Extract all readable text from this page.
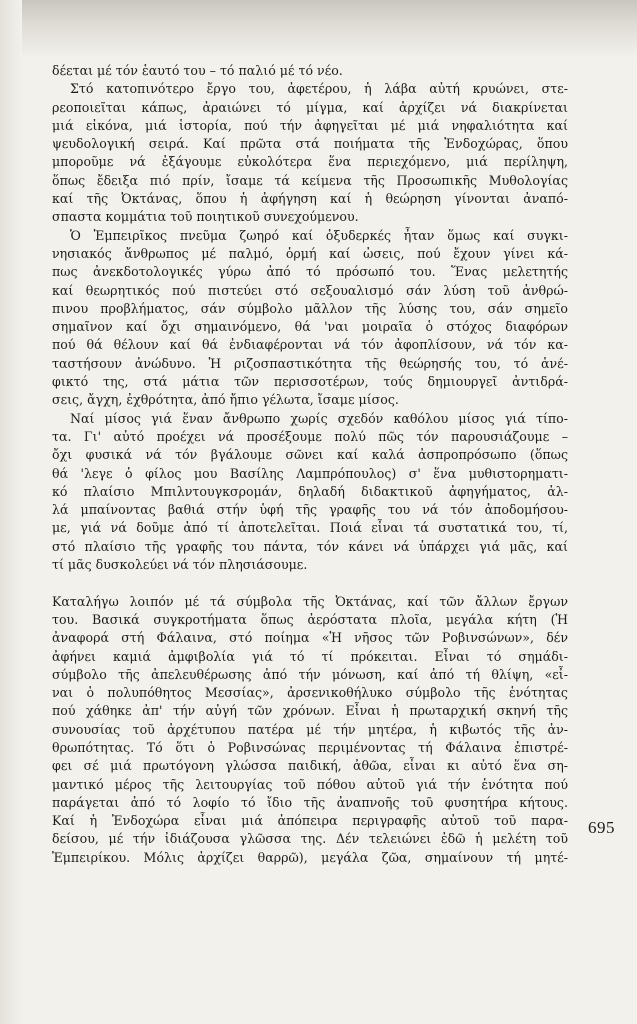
δέεται μέ τόν ἑαυτό του – τό παλιό μέ τό νέο.
Στό κατοπινότερο ἔργο του, ἀφετέρου, ἡ λάβα αὐτή κρυώνει, στε-
ρεοποιεῖται κάπως, ἀραιώνει τό μίγμα, καί ἀρχίζει νά διακρίνεται
μιά εἰκόνα, μιά ἱστορία, πού τήν ἀφηγεῖται μέ μιά νηφαλιότητα καί
ψευδολογική σειρά. Καί πρῶτα στά ποιήματα τῆς Ἐνδοχώρας, ὅπου
μποροῦμε νά ἐξάγουμε εὐκολότερα ἕνα περιεχόμενο, μιά περίληψη,
ὅπως ἔδειξα πιό πρίν, ἴσαμε τά κείμενα τῆς Προσωπικῆς Μυθολογίας
καί τῆς Ὀκτάνας, ὅπου ἡ ἀφήγηση καί ἡ θεώρηση γίνονται ἀναπό-
σπαστα κομμάτια τοῦ ποιητικοῦ συνεχούμενου.
Ὁ Ἐμπειρῖκος πνεῦμα ζωηρό καί ὀξυδερκές ἦταν ὅμως καί συγκι-
νησιακός ἄνθρωπος μέ παλμό, ὁρμή καί ὠσεις, πού ἔχουν γίνει κά-
πως ἀνεκδοτολογικές γύρω ἀπό τό πρόσωπό του. Ἕνας μελετητής
καί θεωρητικός πού πιστεύει στό σεξουαλισμό σάν λύση τοῦ ἀνθρώ-
πινου προβλήματος, σάν σύμβολο μᾶλλον τῆς λύσης του, σάν σημεῖο
σημαῖνον καί ὄχι σημαινόμενο, θά 'ναι μοιραῖα ὁ στόχος διαφόρων
πού θά θέλουν καί θά ἐνδιαφέρονται νά τόν ἀφοπλίσουν, νά τόν κα-
ταστήσουν ἀνώδυνο. Ἡ ριζοσπαστικότητα τῆς θεώρησής του, τό ἀνέ-
φικτό της, στά μάτια τῶν περισσοτέρων, τούς δημιουργεῖ ἀντιδρά-
σεις, ἄγχη, ἐχθρότητα, ἀπό ἤπιο γέλωτα, ἴσαμε μίσος.
Ναί μίσος γιά ἕναν ἄνθρωπο χωρίς σχεδόν καθόλου μίσος γιά τίπο-
τα. Γι' αὐτό προέχει νά προσέξουμε πολύ πῶς τόν παρουσιάζουμε –
ὄχι φυσικά νά τόν βγάλουμε σῶνει καί καλά ἀσπροπρόσωπο (ὅπως
θά 'λεγε ὁ φίλος μου Βασίλης Λαμπρόπουλος) σ' ἕνα μυθιστορηματι-
κό πλαίσιο Μπιλντουγκσρομάν, δηλαδή διδακτικοῦ ἀφηγήματος, ἀλ-
λά μπαίνοντας βαθιά στήν ὑφή τῆς γραφῆς του νά τόν ἀποδομήσου-
με, γιά νά δοῦμε ἀπό τί ἀποτελεῖται. Ποιά εἶναι τά συστατικά του, τί,
στό πλαίσιο τῆς γραφῆς του πάντα, τόν κάνει νά ὑπάρχει γιά μᾶς, καί
τί μᾶς δυσκολεύει νά τόν πλησιάσουμε.
Καταλήγω λοιπόν μέ τά σύμβολα τῆς Ὀκτάνας, καί τῶν ἄλλων ἔργων
του. Βασικά συγκροτήματα ὅπως ἀερόστατα πλοῖα, μεγάλα κήτη (Ἡ
ἀναφορά στή Φάλαινα, στό ποίημα «Ἡ νῆσος τῶν Ροβινσώνων», δέν
ἀφήνει καμιά ἀμφιβολία γιά τό τί πρόκειται. Εἶναι τό σημάδι-
σύμβολο τῆς ἀπελευθέρωσης ἀπό τήν μόνωση, καί ἀπό τή θλίψη, «εἶ-
ναι ὁ πολυπόθητος Μεσσίας», ἀρσενικοθήλυκο σύμβολο τῆς ἑνότητας
πού χάθηκε ἀπ' τήν αὐγή τῶν χρόνων. Εἶναι ἡ πρωταρχική σκηνή τῆς
συνουσίας τοῦ ἀρχέτυπου πατέρα μέ τήν μητέρα, ἡ κιβωτός τῆς ἀν-
θρωπότητας. Τό ὅτι ὁ Ροβινσώνας περιμένοντας τή Φάλαινα ἐπιστρέ-
φει σέ μιά πρωτόγονη γλώσσα παιδική, ἀθῶα, εἶναι κι αὐτό ἕνα ση-
μαντικό μέρος τῆς λειτουργίας τοῦ πόθου αὐτοῦ γιά τήν ἑνότητα πού
παράγεται ἀπό τό λοφίο τό ἴδιο τῆς ἀναπνοῆς τοῦ φυσητήρα κήτους.
Καί ἡ Ἐνδοχώρα εἶναι μιά ἀπόπειρα περιγραφῆς αὐτοῦ τοῦ παρα-
δείσου, μέ τήν ἰδιάζουσα γλῶσσα της. Δέν τελειώνει ἐδῶ ἡ μελέτη τοῦ
Ἐμπειρίκου. Μόλις ἀρχίζει θαρρῶ), μεγάλα ζῶα, σημαίνουν τή μητέ-
695
